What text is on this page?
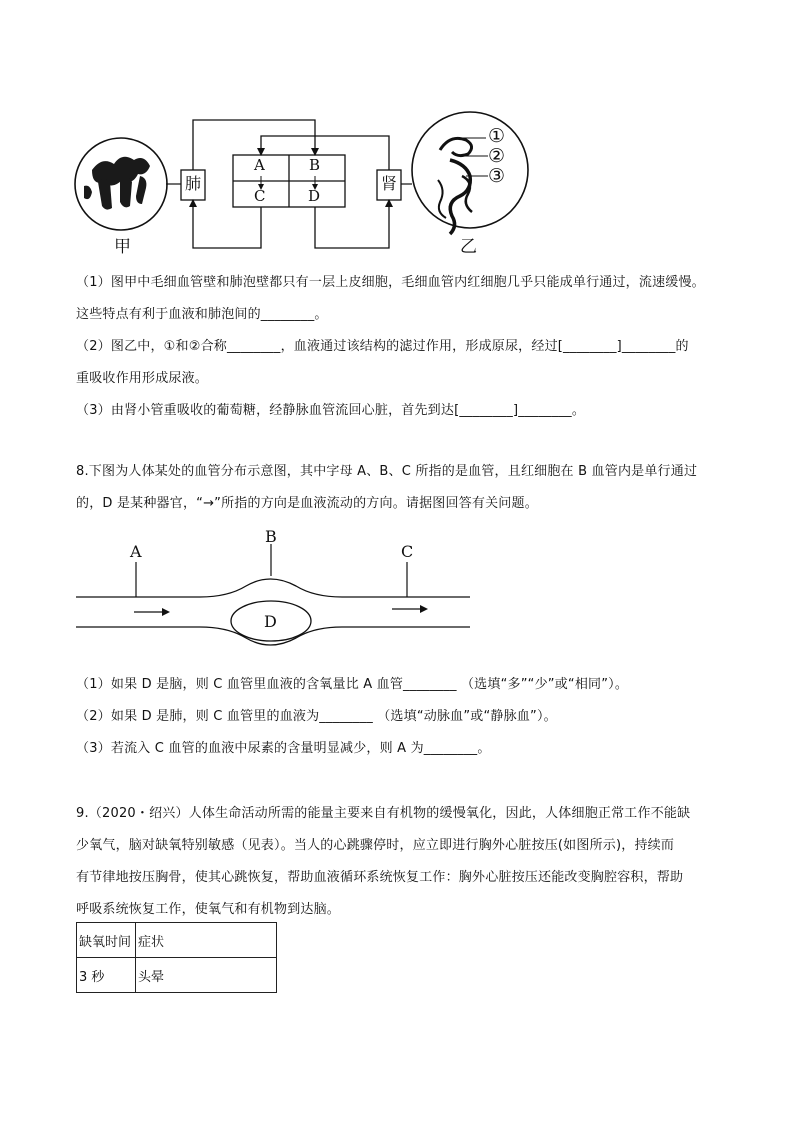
肺	肾
A	B
C	D
甲	乙
①
②
③
（1）图甲中毛细血管壁和肺泡壁都只有一层上皮细胞，毛细血管内红细胞几乎只能成单行通过，流速缓慢。
这些特点有利于血液和肺泡间的________。
（2）图乙中，①和②合称________，血液通过该结构的滤过作用，形成原尿，经过[________]________的
重吸收作用形成尿液。
（3）由肾小管重吸收的葡萄糖，经静脉血管流回心脏，首先到达[________]________。
8.下图为人体某处的血管分布示意图，其中字母 A、B、C 所指的是血管，且红细胞在 B 血管内是单行通过
的，D 是某种器官，“→”所指的方向是血液流动的方向。请据图回答有关问题。
A
B
C
D
（1）如果 D 是脑，则 C 血管里血液的含氧量比 A 血管________ （选填“多”“少”或“相同”）。
（2）如果 D 是肺，则 C 血管里的血液为________ （选填“动脉血”或“静脉血”）。
（3）若流入 C 血管的血液中尿素的含量明显减少，则 A 为________。
9.（2020・绍兴）人体生命活动所需的能量主要来自有机物的缓慢氧化，因此，人体细胞正常工作不能缺
少氧气，脑对缺氧特别敏感（见表）。当人的心跳骤停时，应立即进行胸外心脏按压(如图所示)，持续而
有节律地按压胸骨，使其心跳恢复，帮助血液循环系统恢复工作：胸外心脏按压还能改变胸腔容积，帮助
呼吸系统恢复工作，使氧气和有机物到达脑。
缺氧时间	症状
3 秒	头晕
